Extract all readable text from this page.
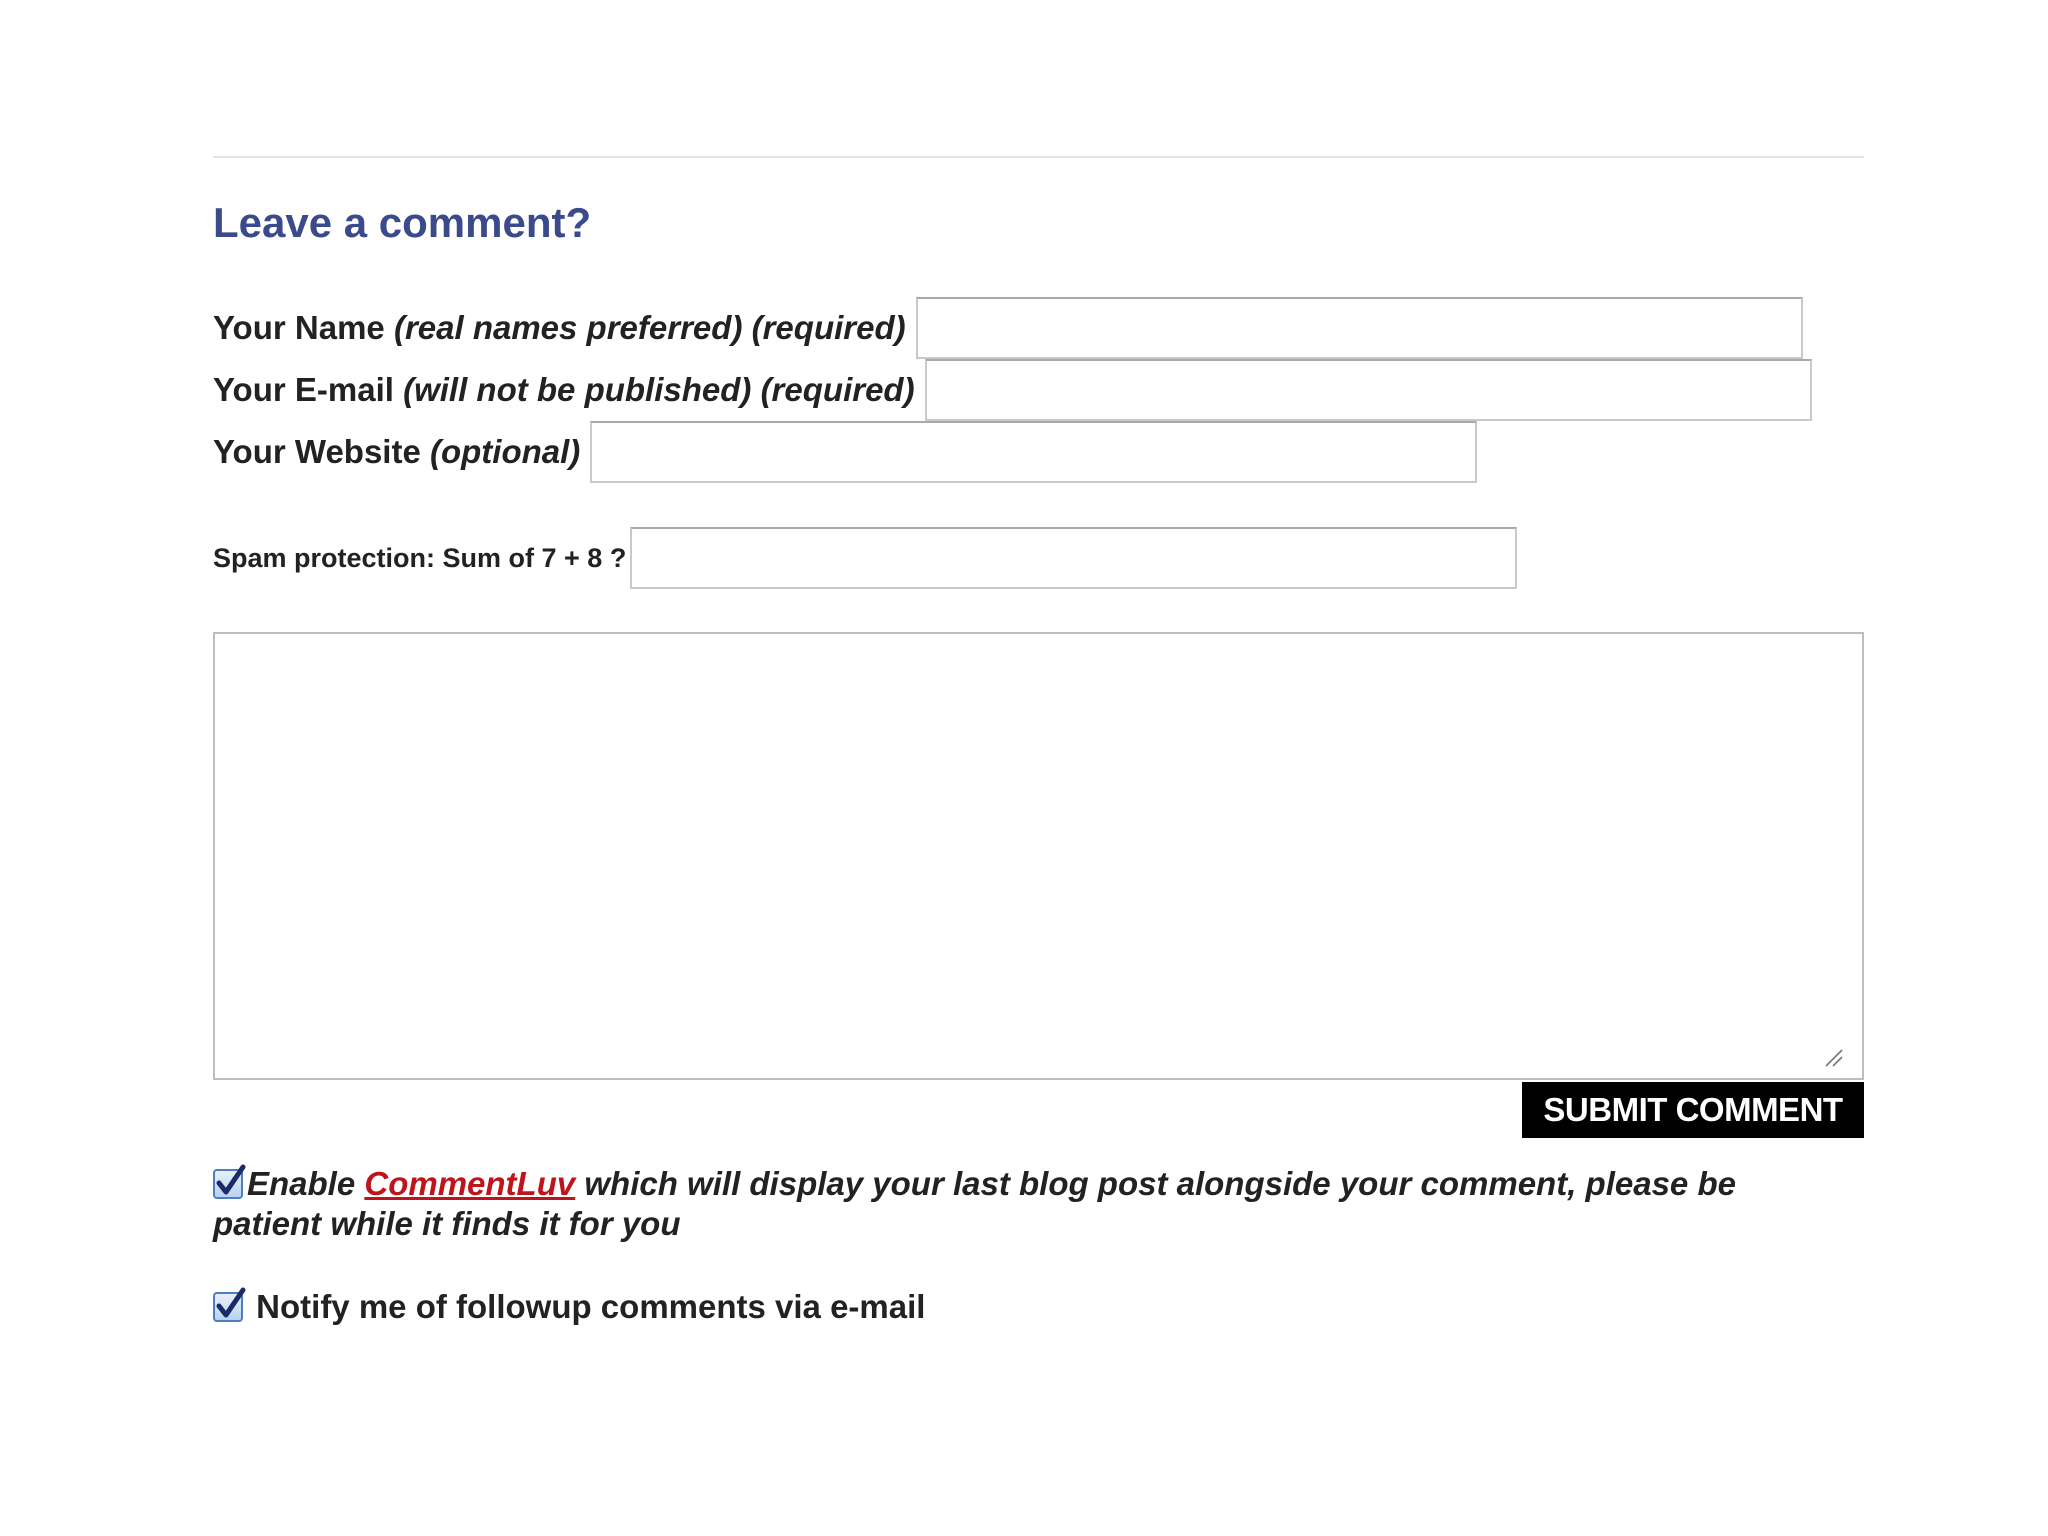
Leave a comment?
Your Name (real names preferred) (required)
Your E-mail (will not be published) (required)
Your Website (optional)
Spam protection: Sum of 7 + 8 ?
SUBMIT COMMENT
Enable CommentLuv which will display your last blog post alongside your comment, please be patient while it finds it for you
Notify me of followup comments via e-mail
